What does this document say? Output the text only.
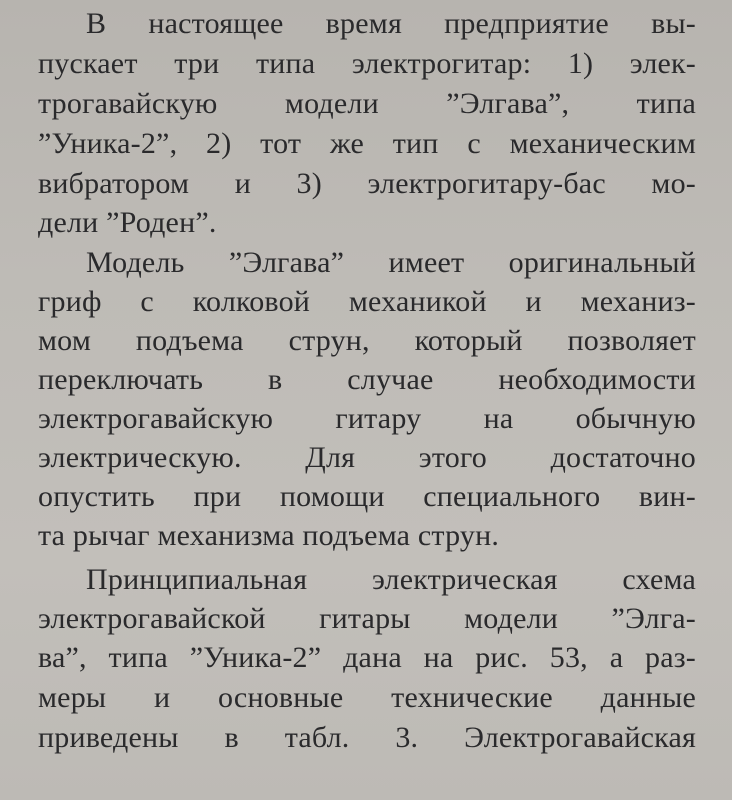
В настоящее время предприятие вы-
пускает три типа электрогитар: 1) элек-
трогавайскую модели ”Элгава”, типа
”Уника-2”, 2) тот же тип с механическим
вибратором и 3) электрогитару-бас мо-
дели ”Роден”.
Модель ”Элгава” имеет оригинальный
гриф с колковой механикой и механиз-
мом подъема струн, который позволяет
переключать в случае необходимости
электрогавайскую гитару на обычную
электрическую. Для этого достаточно
опустить при помощи специального вин-
та рычаг механизма подъема струн.
Принципиальная электрическая схема
электрогавайской гитары модели ”Элга-
ва”, типа ”Уника-2” дана на рис. 53, а раз-
меры и основные технические данные
приведены в табл. 3. Электрогавайская
